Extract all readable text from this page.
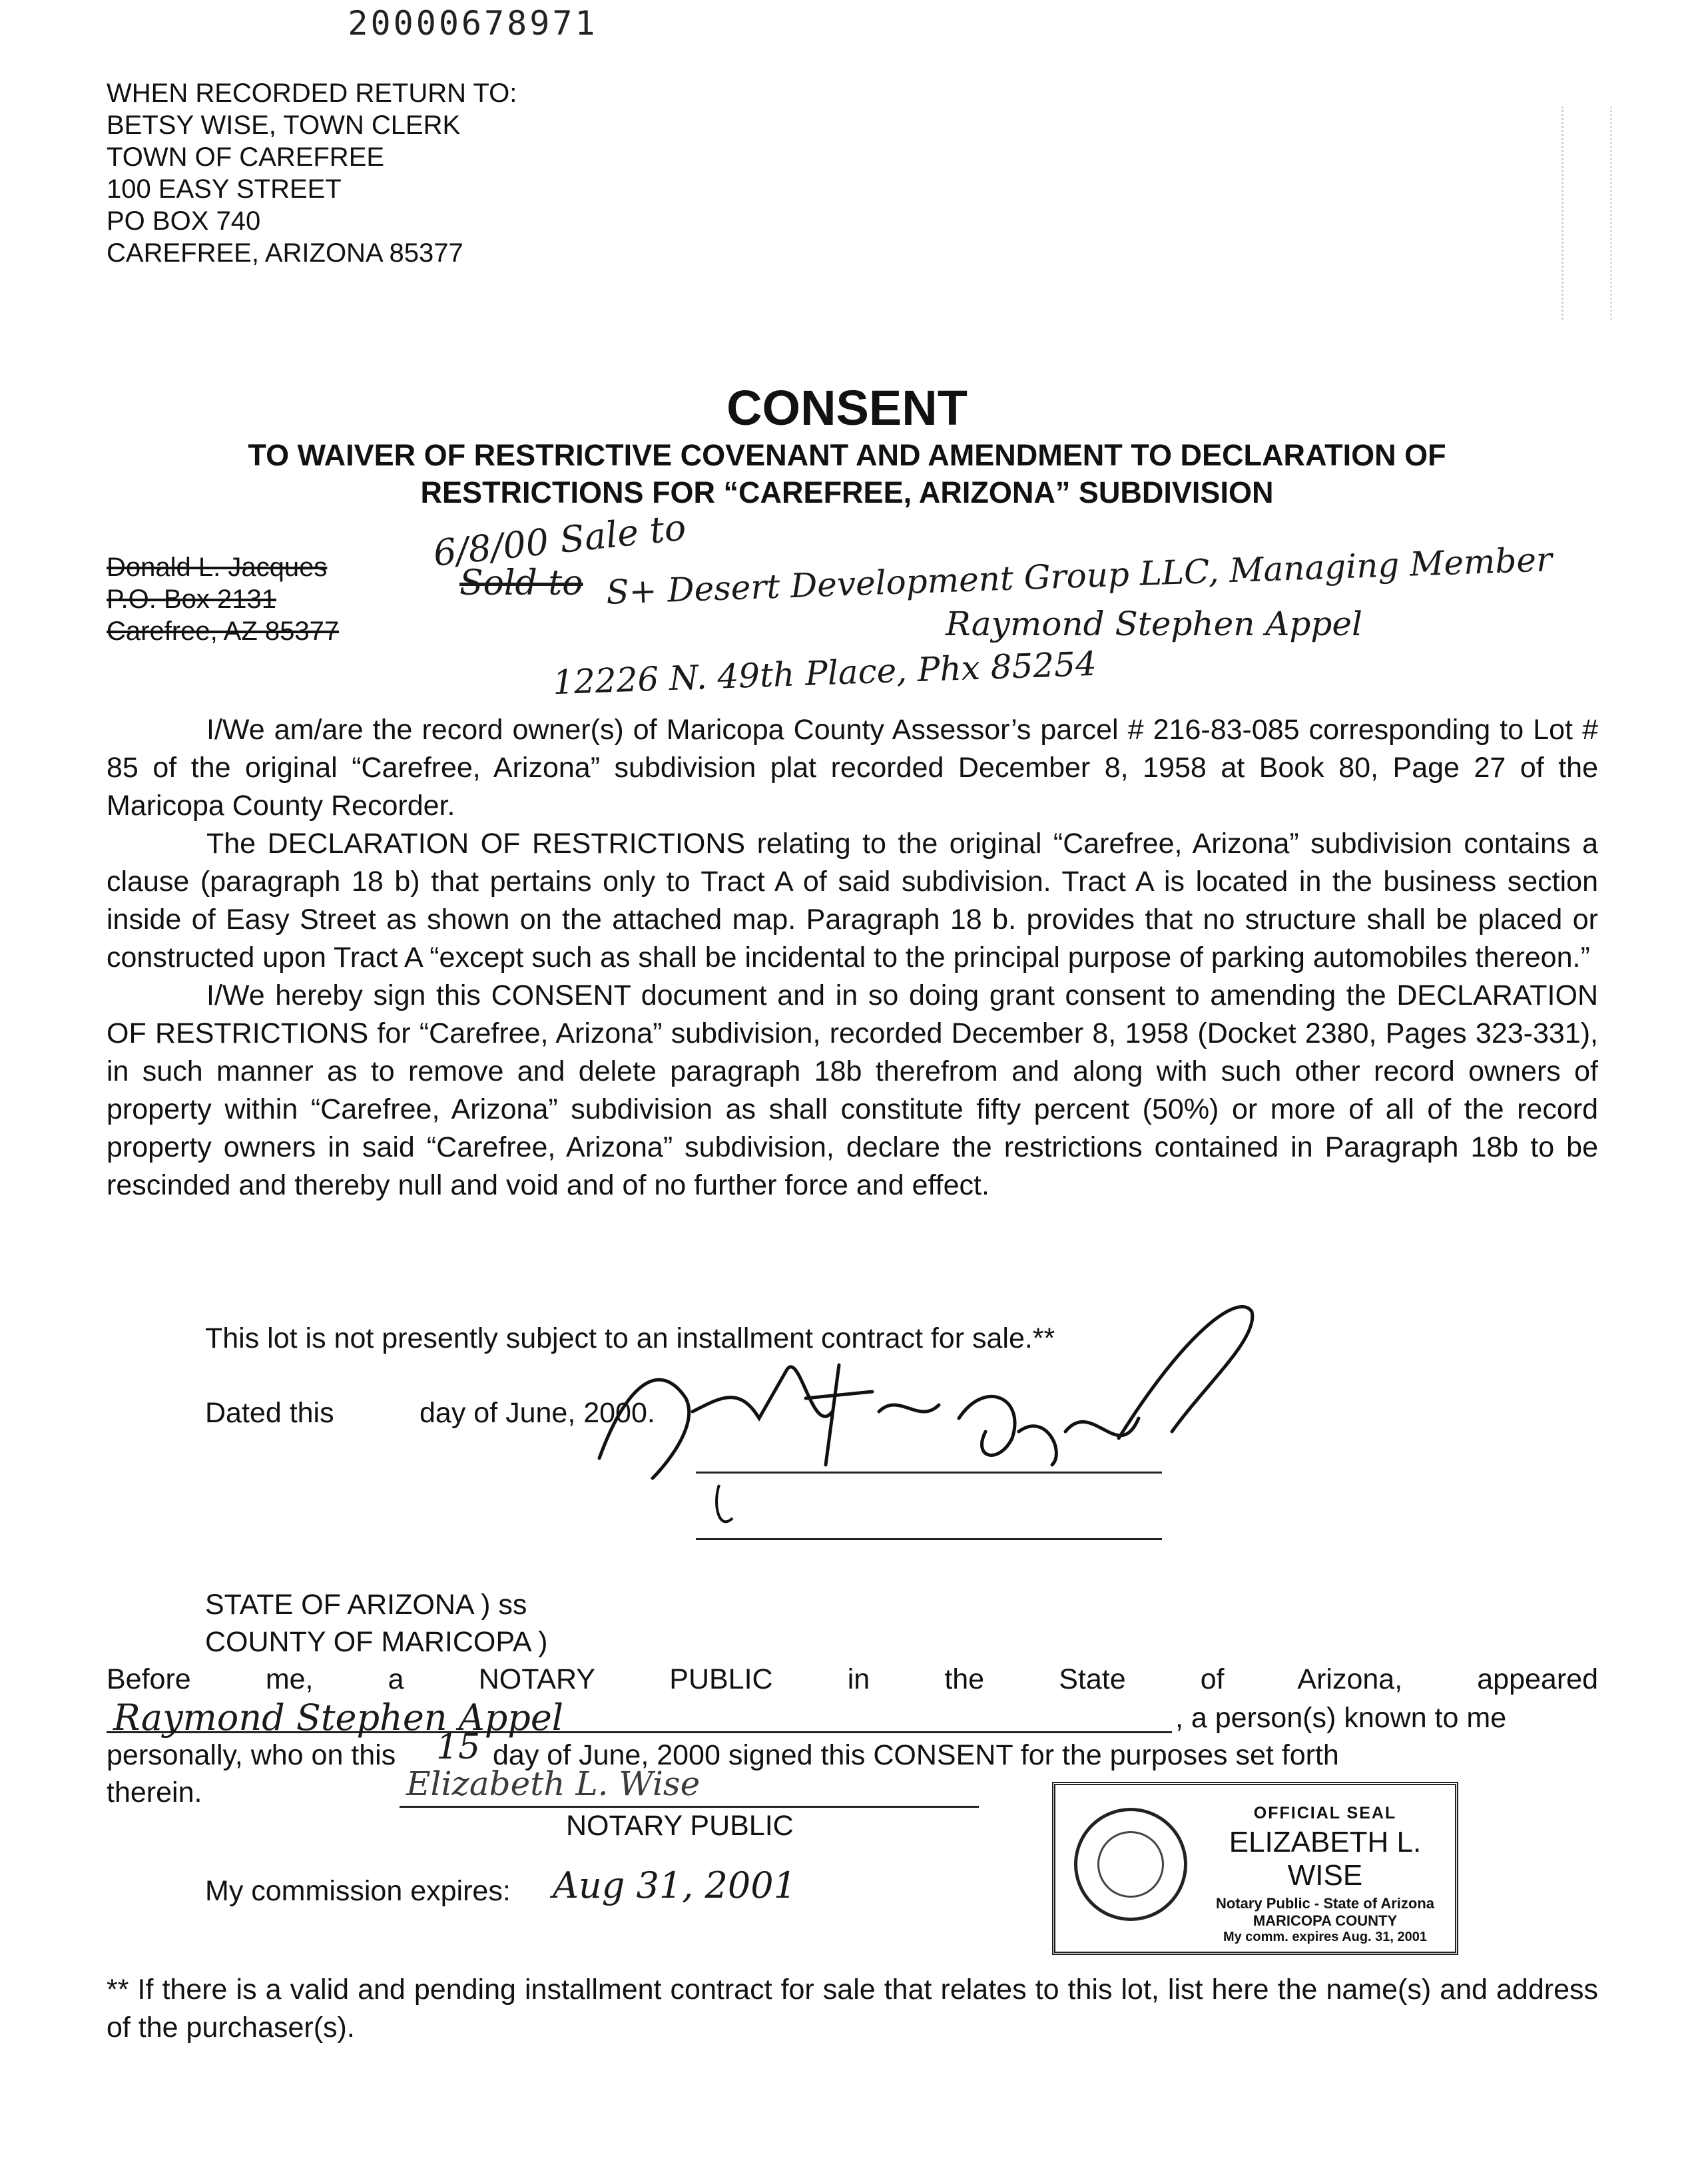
20000678971
WHEN RECORDED RETURN TO:
BETSY WISE, TOWN CLERK
TOWN OF CAREFREE
100 EASY STREET
PO BOX 740
CAREFREE, ARIZONA 85377
CONSENT
TO WAIVER OF RESTRICTIVE COVENANT AND AMENDMENT TO DECLARATION OF
RESTRICTIONS FOR “CAREFREE, ARIZONA” SUBDIVISION
Donald L. Jacques
P.O. Box 2131
Carefree, AZ 85377
6/8/00 Sale to
Sold to S+ Desert Development Group LLC, Managing Member
Raymond Stephen Appel
12226 N. 49th Place, Phx 85254

I/We am/are the record owner(s) of Maricopa County Assessor’s parcel # 216-83-085 corresponding to Lot # 85 of the original “Carefree, Arizona” subdivision plat recorded December 8, 1958 at Book 80, Page 27 of the Maricopa County Recorder.

The DECLARATION OF RESTRICTIONS relating to the original “Carefree, Arizona” subdivision contains a clause (paragraph 18 b) that pertains only to Tract A of said subdivision. Tract A is located in the business section inside of Easy Street as shown on the attached map. Paragraph 18 b. provides that no structure shall be placed or constructed upon Tract A “except such as shall be incidental to the principal purpose of parking automobiles thereon.”

I/We hereby sign this CONSENT document and in so doing grant consent to amending the DECLARATION OF RESTRICTIONS for “Carefree, Arizona” subdivision, recorded December 8, 1958 (Docket 2380, Pages 323-331), in such manner as to remove and delete paragraph 18b therefrom and along with such other record owners of property within “Carefree, Arizona” subdivision as shall constitute fifty percent (50%) or more of all of the record property owners in said “Carefree, Arizona” subdivision, declare the restrictions contained in Paragraph 18b to be rescinded and thereby null and void and of no further force and effect.

This lot is not presently subject to an installment contract for sale.**
Dated this	day of June, 2000.
STATE OF ARIZONA ) ss
COUNTY OF MARICOPA )
Before me, a NOTARY PUBLIC in the State of Arizona, appeared
Raymond Stephen Appel	, a person(s) known to me
personally, who on this 15 day of June, 2000 signed this CONSENT for the purposes set forth
therein.	Elizabeth L. Wise
NOTARY PUBLIC
My commission expires: Aug 31, 2001
OFFICIAL SEAL
ELIZABETH L. WISE
Notary Public - State of Arizona
MARICOPA COUNTY
My comm. expires Aug. 31, 2001

** If there is a valid and pending installment contract for sale that relates to this lot, list here the name(s) and address of the purchaser(s).
